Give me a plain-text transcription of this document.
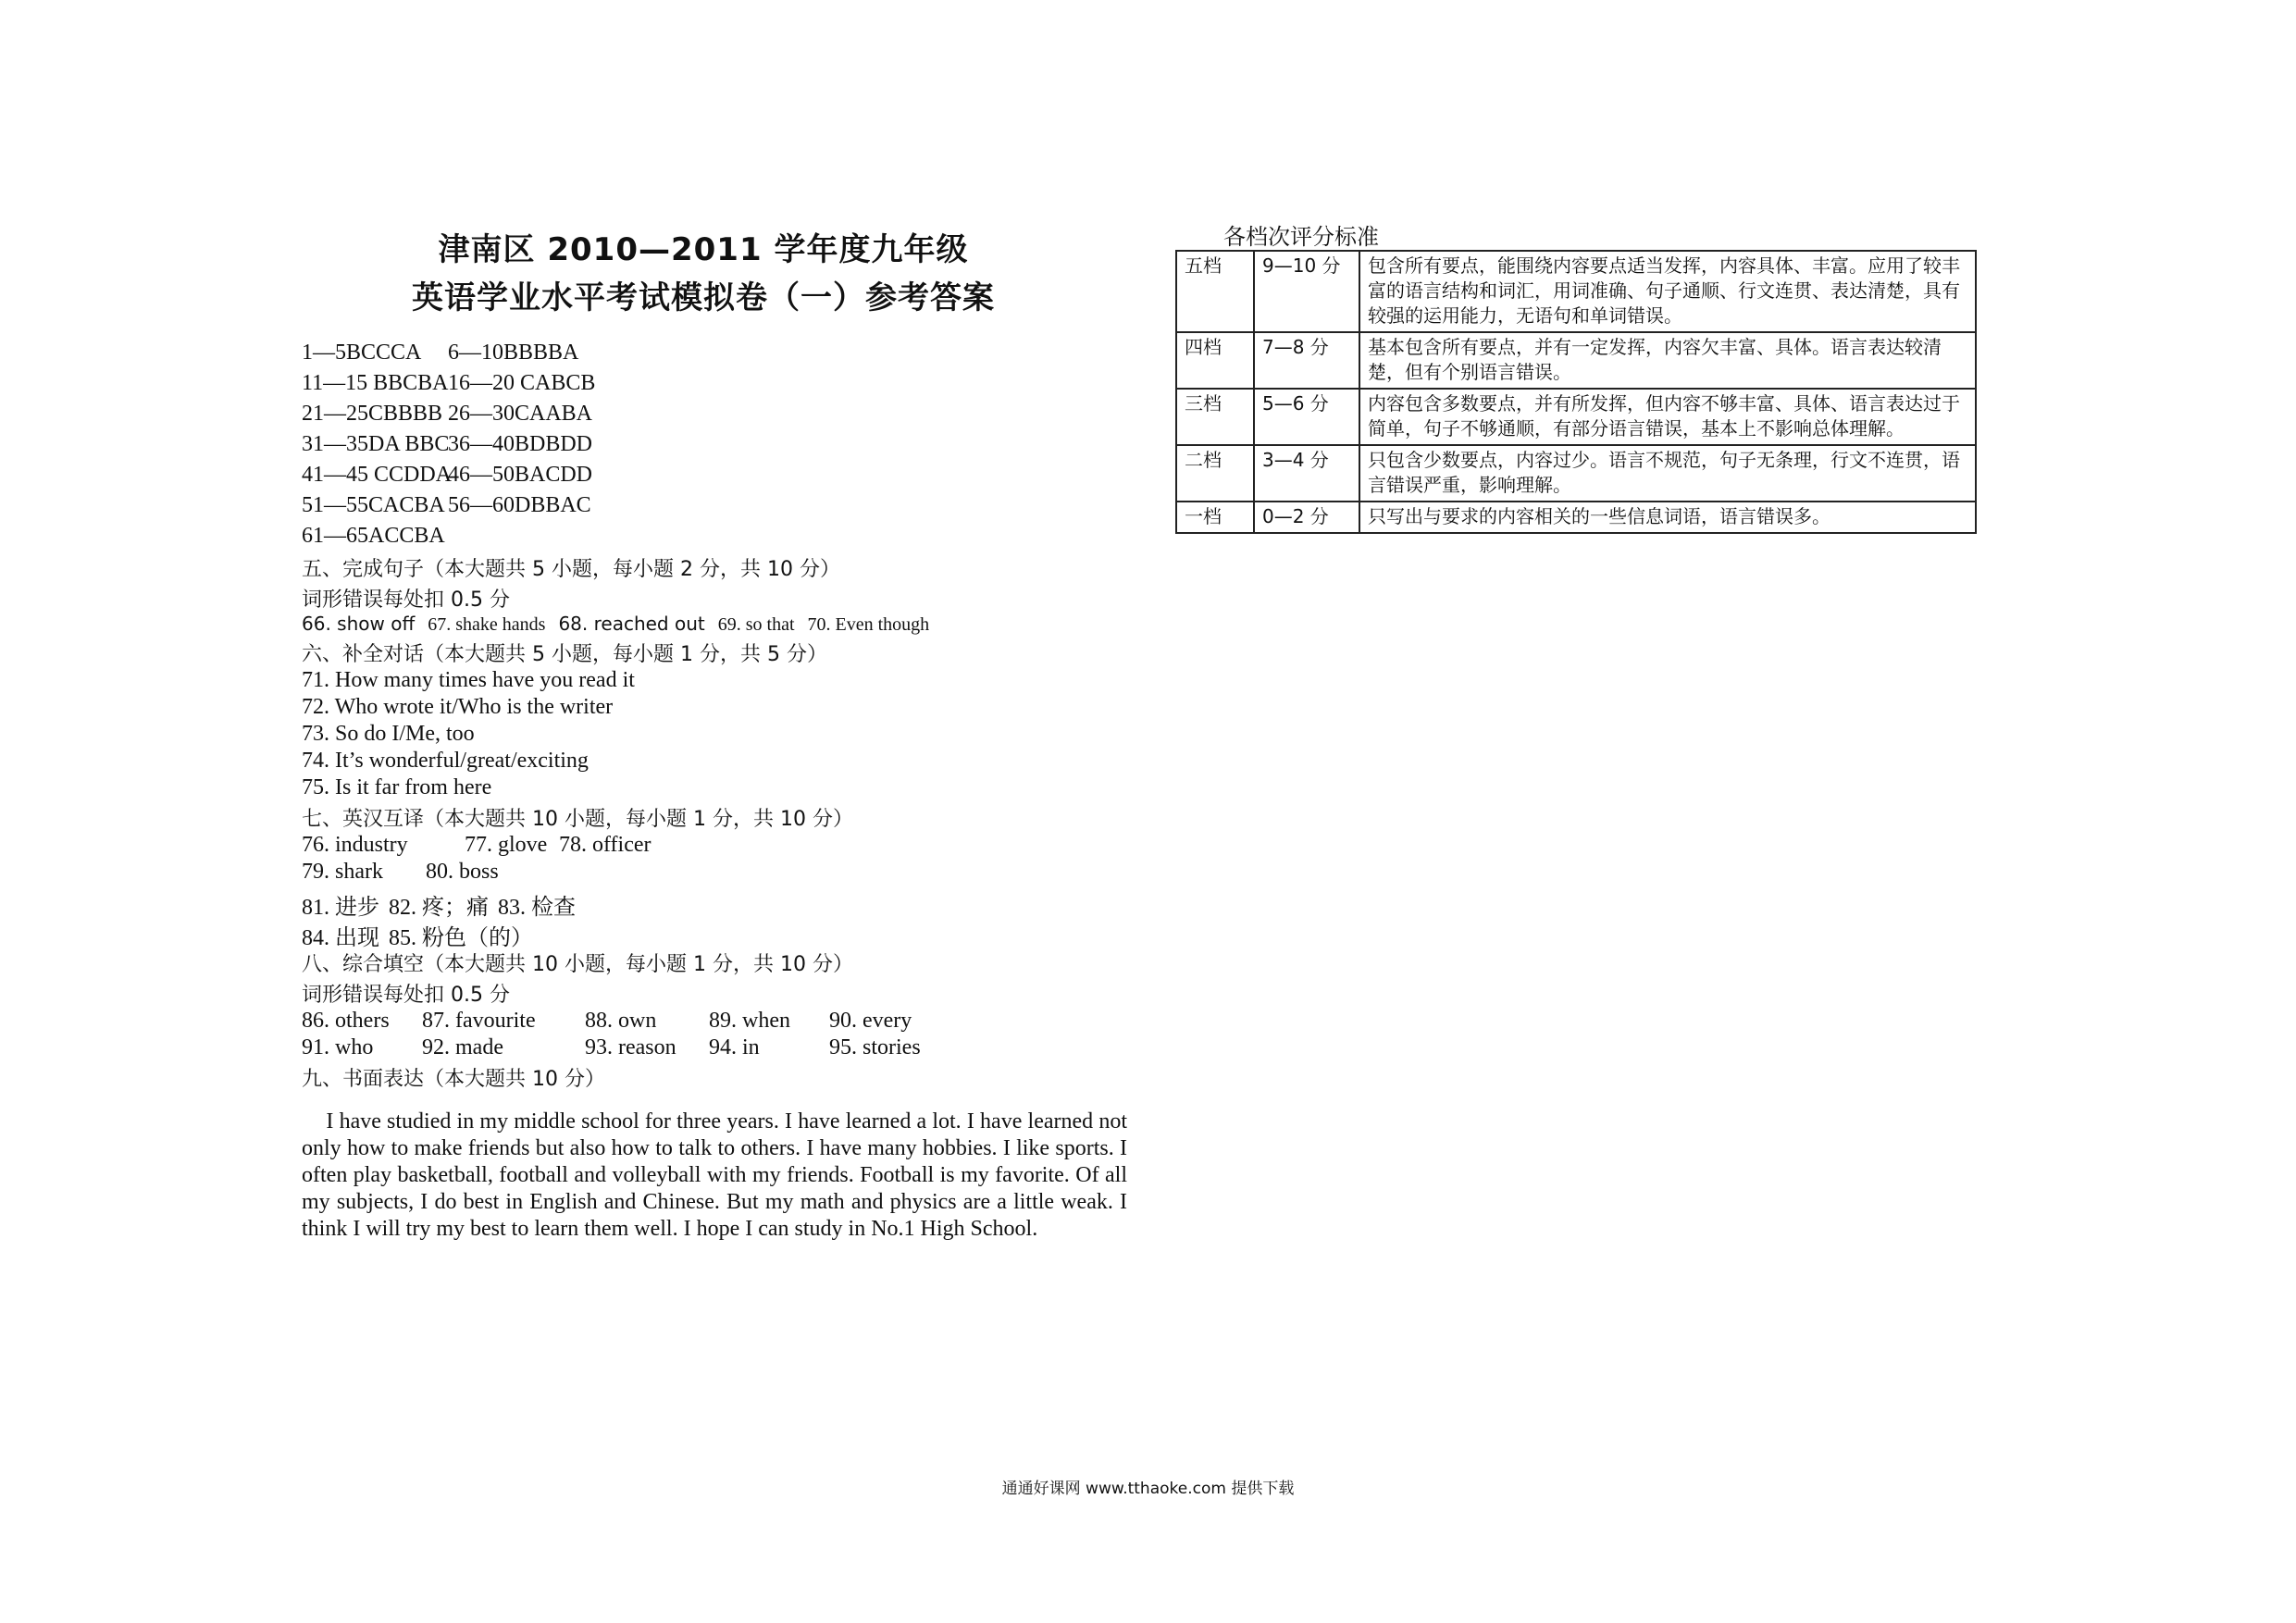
津南区 2010—2011 学年度九年级
英语学业水平考试模拟卷（一）参考答案
1—5BCCCA 6—10BBBBA
11—15 BBCBA16—20 CABCB
21—25CBBBB 26—30CAABA
31—35DA BBC36—40BDBDD
41—45 CCDDA46—50BACDD
51—55CACBA 56—60DBBAC
61—65ACCBA
五、完成句子（本大题共 5 小题，每小题 2 分，共 10 分）
词形错误每处扣 0.5 分
66. show off 67. shake hands 68. reached out 69. so that 70. Even though
六、补全对话（本大题共 5 小题，每小题 1 分，共 5 分）
71. How many times have you read it
72. Who wrote it/Who is the writer
73. So do I/Me, too
74. It’s wonderful/great/exciting
75. Is it far from here
七、英汉互译（本大题共 10 小题，每小题 1 分，共 10 分）
76. industry	77. glove 78. officer
79. shark 80. boss
81. 进步 82. 疼；痛 83. 检查
84. 出现 85. 粉色（的）
八、综合填空（本大题共 10 小题，每小题 1 分，共 10 分）
词形错误每处扣 0.5 分
86. others 87. favourite 88. own 89. when 90. every
91. who 92. made	93. reason 94. in	95. stories
九、书面表达（本大题共 10 分）
I have studied in my middle school for three years. I have learned a lot. I have learned not only how to make friends but also how to talk to others. I have many hobbies. I like sports. I often play basketball, football and volleyball with my friends. Football is my favorite. Of all my subjects, I do best in English and Chinese. But my math and physics are a little weak. I think I will try my best to learn them well. I hope I can study in No.1 High School.
各档次评分标准
五档	9—10 分	包含所有要点，能围绕内容要点适当发挥，内容具体、丰富。应用了较丰富的语言结构和词汇，用词准确、句子通顺、行文连贯、表达清楚，具有较强的运用能力，无语句和单词错误。
四档	7—8 分	基本包含所有要点，并有一定发挥，内容欠丰富、具体。语言表达较清楚，但有个别语言错误。
三档	5—6 分	内容包含多数要点，并有所发挥，但内容不够丰富、具体、语言表达过于简单，句子不够通顺，有部分语言错误，基本上不影响总体理解。
二档	3—4 分	只包含少数要点，内容过少。语言不规范，句子无条理，行文不连贯，语言错误严重，影响理解。
一档	0—2 分	只写出与要求的内容相关的一些信息词语，语言错误多。
通通好课网 www.tthaoke.com 提供下载
